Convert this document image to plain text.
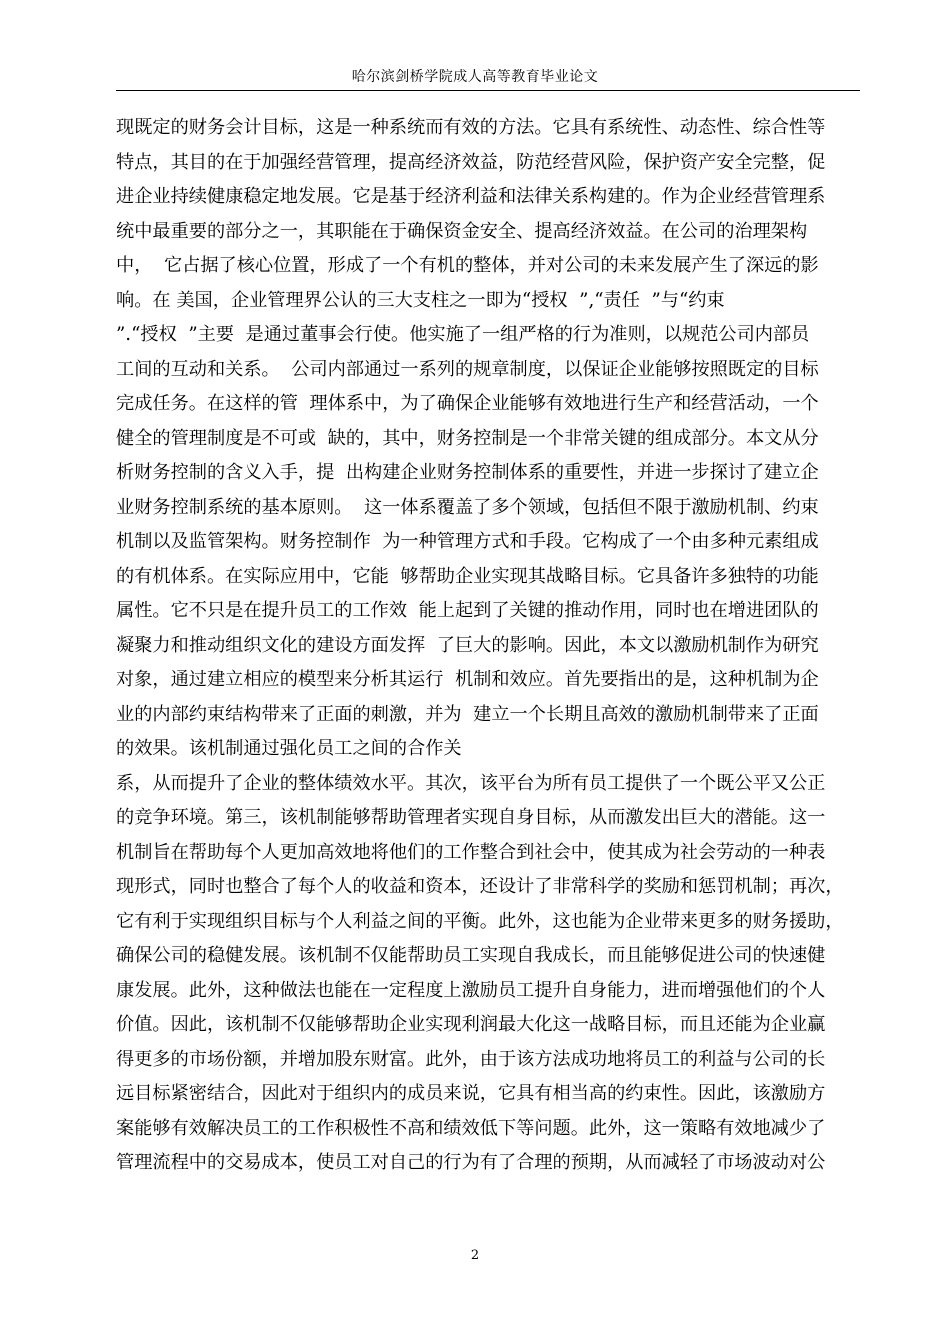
哈尔滨剑桥学院成人高等教育毕业论文
现既定的财务会计目标，这是一种系统而有效的方法。它具有系统性、动态性、综合性等
特点，其目的在于加强经营管理，提高经济效益，防范经营风险，保护资产安全完整，促
进企业持续健康稳定地发展。它是基于经济利益和法律关系构建的。作为企业经营管理系
统中最重要的部分之一，其职能在于确保资金安全、提高经济效益。在公司的治理架构
中，  它占据了核心位置，形成了一个有机的整体，并对公司的未来发展产生了深远的影
响。在 美国，企业管理界公认的三大支柱之一即为“授权  ”,“责任  ”与“约束
”.“授权  ”主要  是通过董事会行使。他实施了一组严格的行为准则，以规范公司内部员
工间的互动和关系。  公司内部通过一系列的规章制度，以保证企业能够按照既定的目标
完成任务。在这样的管  理体系中，为了确保企业能够有效地进行生产和经营活动，一个
健全的管理制度是不可或  缺的，其中，财务控制是一个非常关键的组成部分。本文从分
析财务控制的含义入手，提  出构建企业财务控制体系的重要性，并进一步探讨了建立企
业财务控制系统的基本原则。  这一体系覆盖了多个领域，包括但不限于激励机制、约束
机制以及监管架构。财务控制作  为一种管理方式和手段。它构成了一个由多种元素组成
的有机体系。在实际应用中，它能  够帮助企业实现其战略目标。它具备许多独特的功能
属性。它不只是在提升员工的工作效  能上起到了关键的推动作用，同时也在增进团队的
凝聚力和推动组织文化的建设方面发挥  了巨大的影响。因此，本文以激励机制作为研究
对象，通过建立相应的模型来分析其运行  机制和效应。首先要指出的是，这种机制为企
业的内部约束结构带来了正面的刺激，并为  建立一个长期且高效的激励机制带来了正面
的效果。该机制通过强化员工之间的合作关
系，从而提升了企业的整体绩效水平。其次，该平台为所有员工提供了一个既公平又公正
的竞争环境。第三，该机制能够帮助管理者实现自身目标，从而激发出巨大的潜能。这一
机制旨在帮助每个人更加高效地将他们的工作整合到社会中，使其成为社会劳动的一种表
现形式，同时也整合了每个人的收益和资本，还设计了非常科学的奖励和惩罚机制；再次，
它有利于实现组织目标与个人利益之间的平衡。此外，这也能为企业带来更多的财务援助，
确保公司的稳健发展。该机制不仅能帮助员工实现自我成长，而且能够促进公司的快速健
康发展。此外，这种做法也能在一定程度上激励员工提升自身能力，进而增强他们的个人
价值。因此，该机制不仅能够帮助企业实现利润最大化这一战略目标，而且还能为企业赢
得更多的市场份额，并增加股东财富。此外，由于该方法成功地将员工的利益与公司的长
远目标紧密结合，因此对于组织内的成员来说，它具有相当高的约束性。因此，该激励方
案能够有效解决员工的工作积极性不高和绩效低下等问题。此外，这一策略有效地减少了
管理流程中的交易成本，使员工对自己的行为有了合理的预期，从而减轻了市场波动对公
2
